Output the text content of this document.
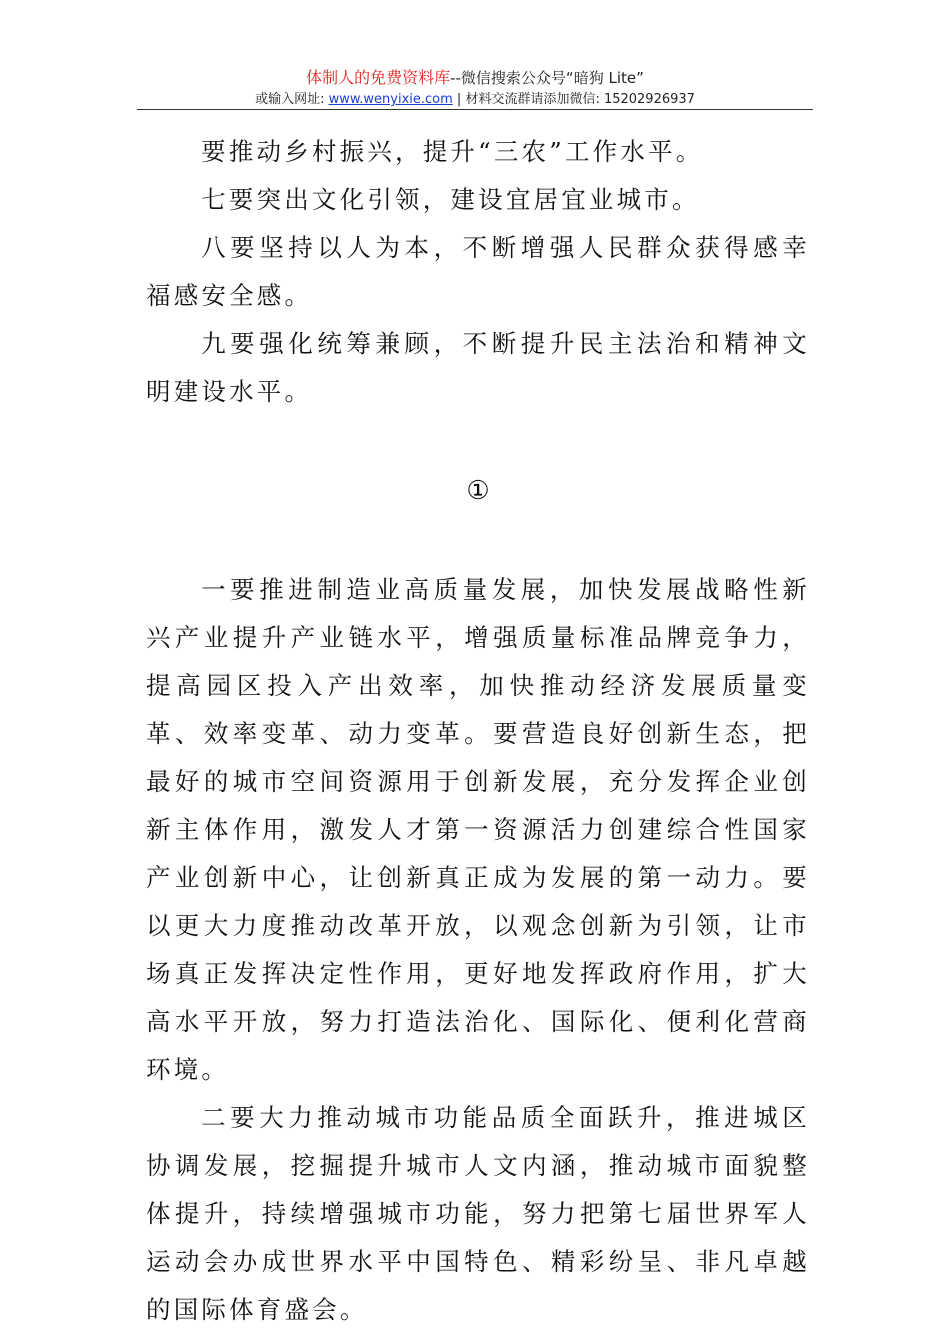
体制人的免费资料库--微信搜索公众号“暗狗 Lite”
或输入网址: www.wenyixie.com | 材料交流群请添加微信: 15202926937

要推动乡村振兴，提升“三农”工作水平。

七要突出文化引领，建设宜居宜业城市。

八要坚持以人为本，不断增强人民群众获得感幸福感安全感。

九要强化统筹兼顾，不断提升民主法治和精神文明建设水平。

①

一要推进制造业高质量发展，加快发展战略性新兴产业提升产业链水平，增强质量标准品牌竞争力，提高园区投入产出效率，加快推动经济发展质量变革、效率变革、动力变革。要营造良好创新生态，把最好的城市空间资源用于创新发展，充分发挥企业创新主体作用，激发人才第一资源活力创建综合性国家产业创新中心，让创新真正成为发展的第一动力。要以更大力度推动改革开放，以观念创新为引领，让市场真正发挥决定性作用，更好地发挥政府作用，扩大高水平开放，努力打造法治化、国际化、便利化营商环境。

二要大力推动城市功能品质全面跃升，推进城区协调发展，挖掘提升城市人文内涵，推动城市面貌整体提升，持续增强城市功能，努力把第七届世界军人运动会办成世界水平中国特色、精彩纷呈、非凡卓越的国际体育盛会。
